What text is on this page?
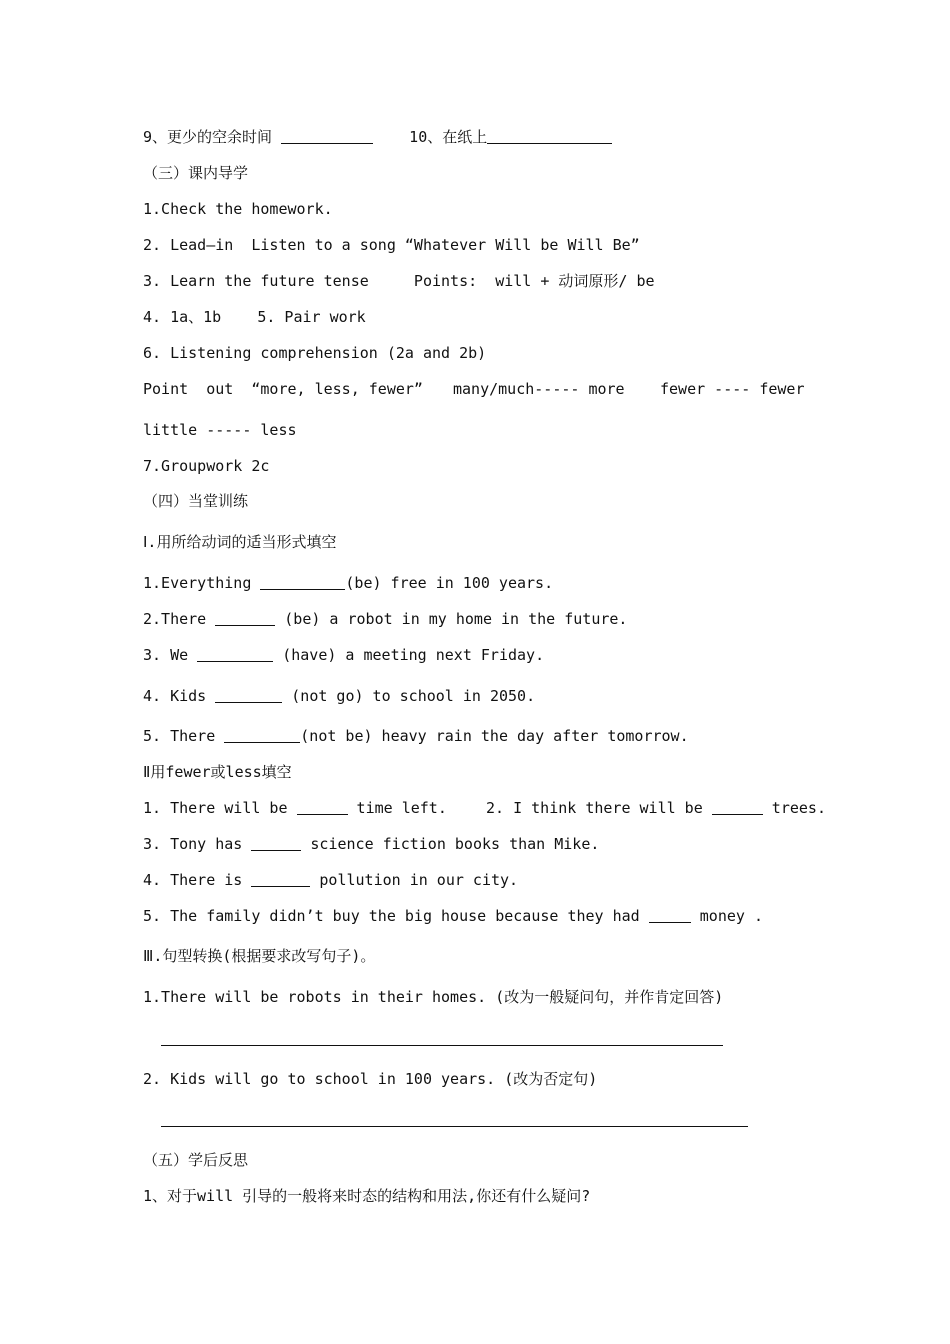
9、更少的空余时间	10、在纸上
（三）课内导学
1.Check the homework.
2. Lead—in  Listen to a song “Whatever Will be Will Be”
3. Learn the future tense     Points:  will + 动词原形/ be
4. 1a、1b    5. Pair work
6. Listening comprehension (2a and 2b)
Point  out  “more, less, fewer” many/much----- more fewer ---- fewer
little ----- less
7.Groupwork 2c
（四）当堂训练
Ⅰ.用所给动词的适当形式填空
1.Everything	(be) free in 100 years.
2.There	(be) a robot in my home in the future.
3. We	(have) a meeting next Friday.
4. Kids	(not go) to school in 2050.
5. There	(not be) heavy rain the day after tomorrow.
Ⅱ用fewer或less填空
1. There will be	time left.	2. I think there will be	trees.
3. Tony has	science fiction books than Mike.
4. There is	pollution in our city.
5. The family didn’t buy the big house because they had	money .
Ⅲ.句型转换(根据要求改写句子)。
1.There will be robots in their homes. (改为一般疑问句，并作肯定回答)
2. Kids will go to school in 100 years. (改为否定句)
（五）学后反思
1、对于will 引导的一般将来时态的结构和用法,你还有什么疑问?
